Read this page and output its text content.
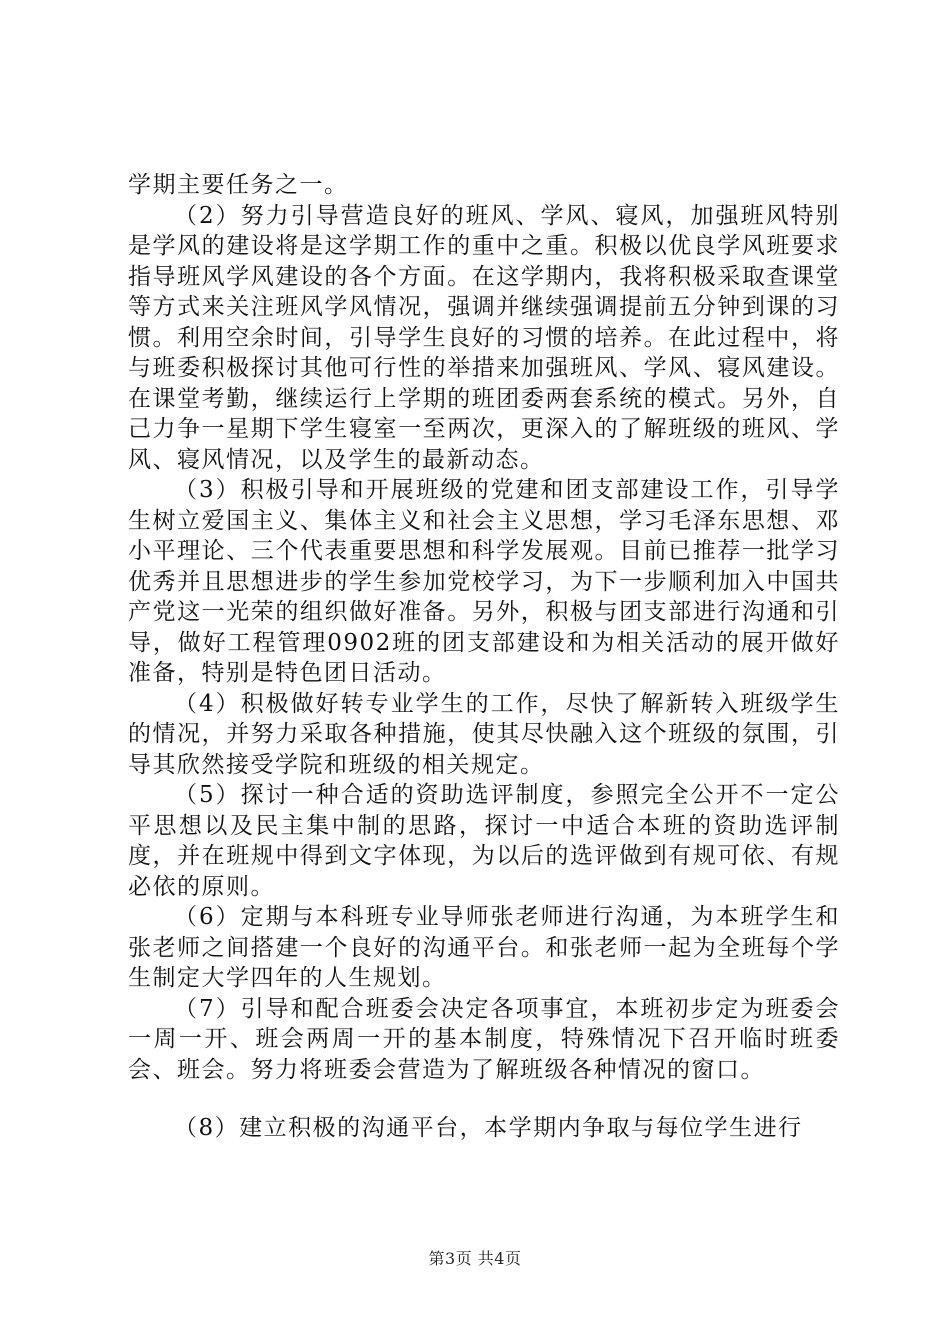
学期主要任务之一。

（2）努力引导营造良好的班风、学风、寝风，加强班风特别是学风的建设将是这学期工作的重中之重。积极以优良学风班要求指导班风学风建设的各个方面。在这学期内，我将积极采取查课堂等方式来关注班风学风情况，强调并继续强调提前五分钟到课的习惯。利用空余时间，引导学生良好的习惯的培养。在此过程中，将与班委积极探讨其他可行性的举措来加强班风、学风、寝风建设。在课堂考勤，继续运行上学期的班团委两套系统的模式。另外，自己力争一星期下学生寝室一至两次，更深入的了解班级的班风、学风、寝风情况，以及学生的最新动态。

（3）积极引导和开展班级的党建和团支部建设工作，引导学生树立爱国主义、集体主义和社会主义思想，学习毛泽东思想、邓小平理论、三个代表重要思想和科学发展观。目前已推荐一批学习优秀并且思想进步的学生参加党校学习，为下一步顺利加入中国共产党这一光荣的组织做好准备。另外，积极与团支部进行沟通和引导，做好工程管理0902班的团支部建设和为相关活动的展开做好准备，特别是特色团日活动。

（4）积极做好转专业学生的工作，尽快了解新转入班级学生的情况，并努力采取各种措施，使其尽快融入这个班级的氛围，引导其欣然接受学院和班级的相关规定。

（5）探讨一种合适的资助选评制度，参照完全公开不一定公平思想以及民主集中制的思路，探讨一中适合本班的资助选评制度，并在班规中得到文字体现，为以后的选评做到有规可依、有规必依的原则。

（6）定期与本科班专业导师张老师进行沟通，为本班学生和张老师之间搭建一个良好的沟通平台。和张老师一起为全班每个学生制定大学四年的人生规划。

（7）引导和配合班委会决定各项事宜，本班初步定为班委会一周一开、班会两周一开的基本制度，特殊情况下召开临时班委会、班会。努力将班委会营造为了解班级各种情况的窗口。

（8）建立积极的沟通平台，本学期内争取与每位学生进行

第3页 共4页
